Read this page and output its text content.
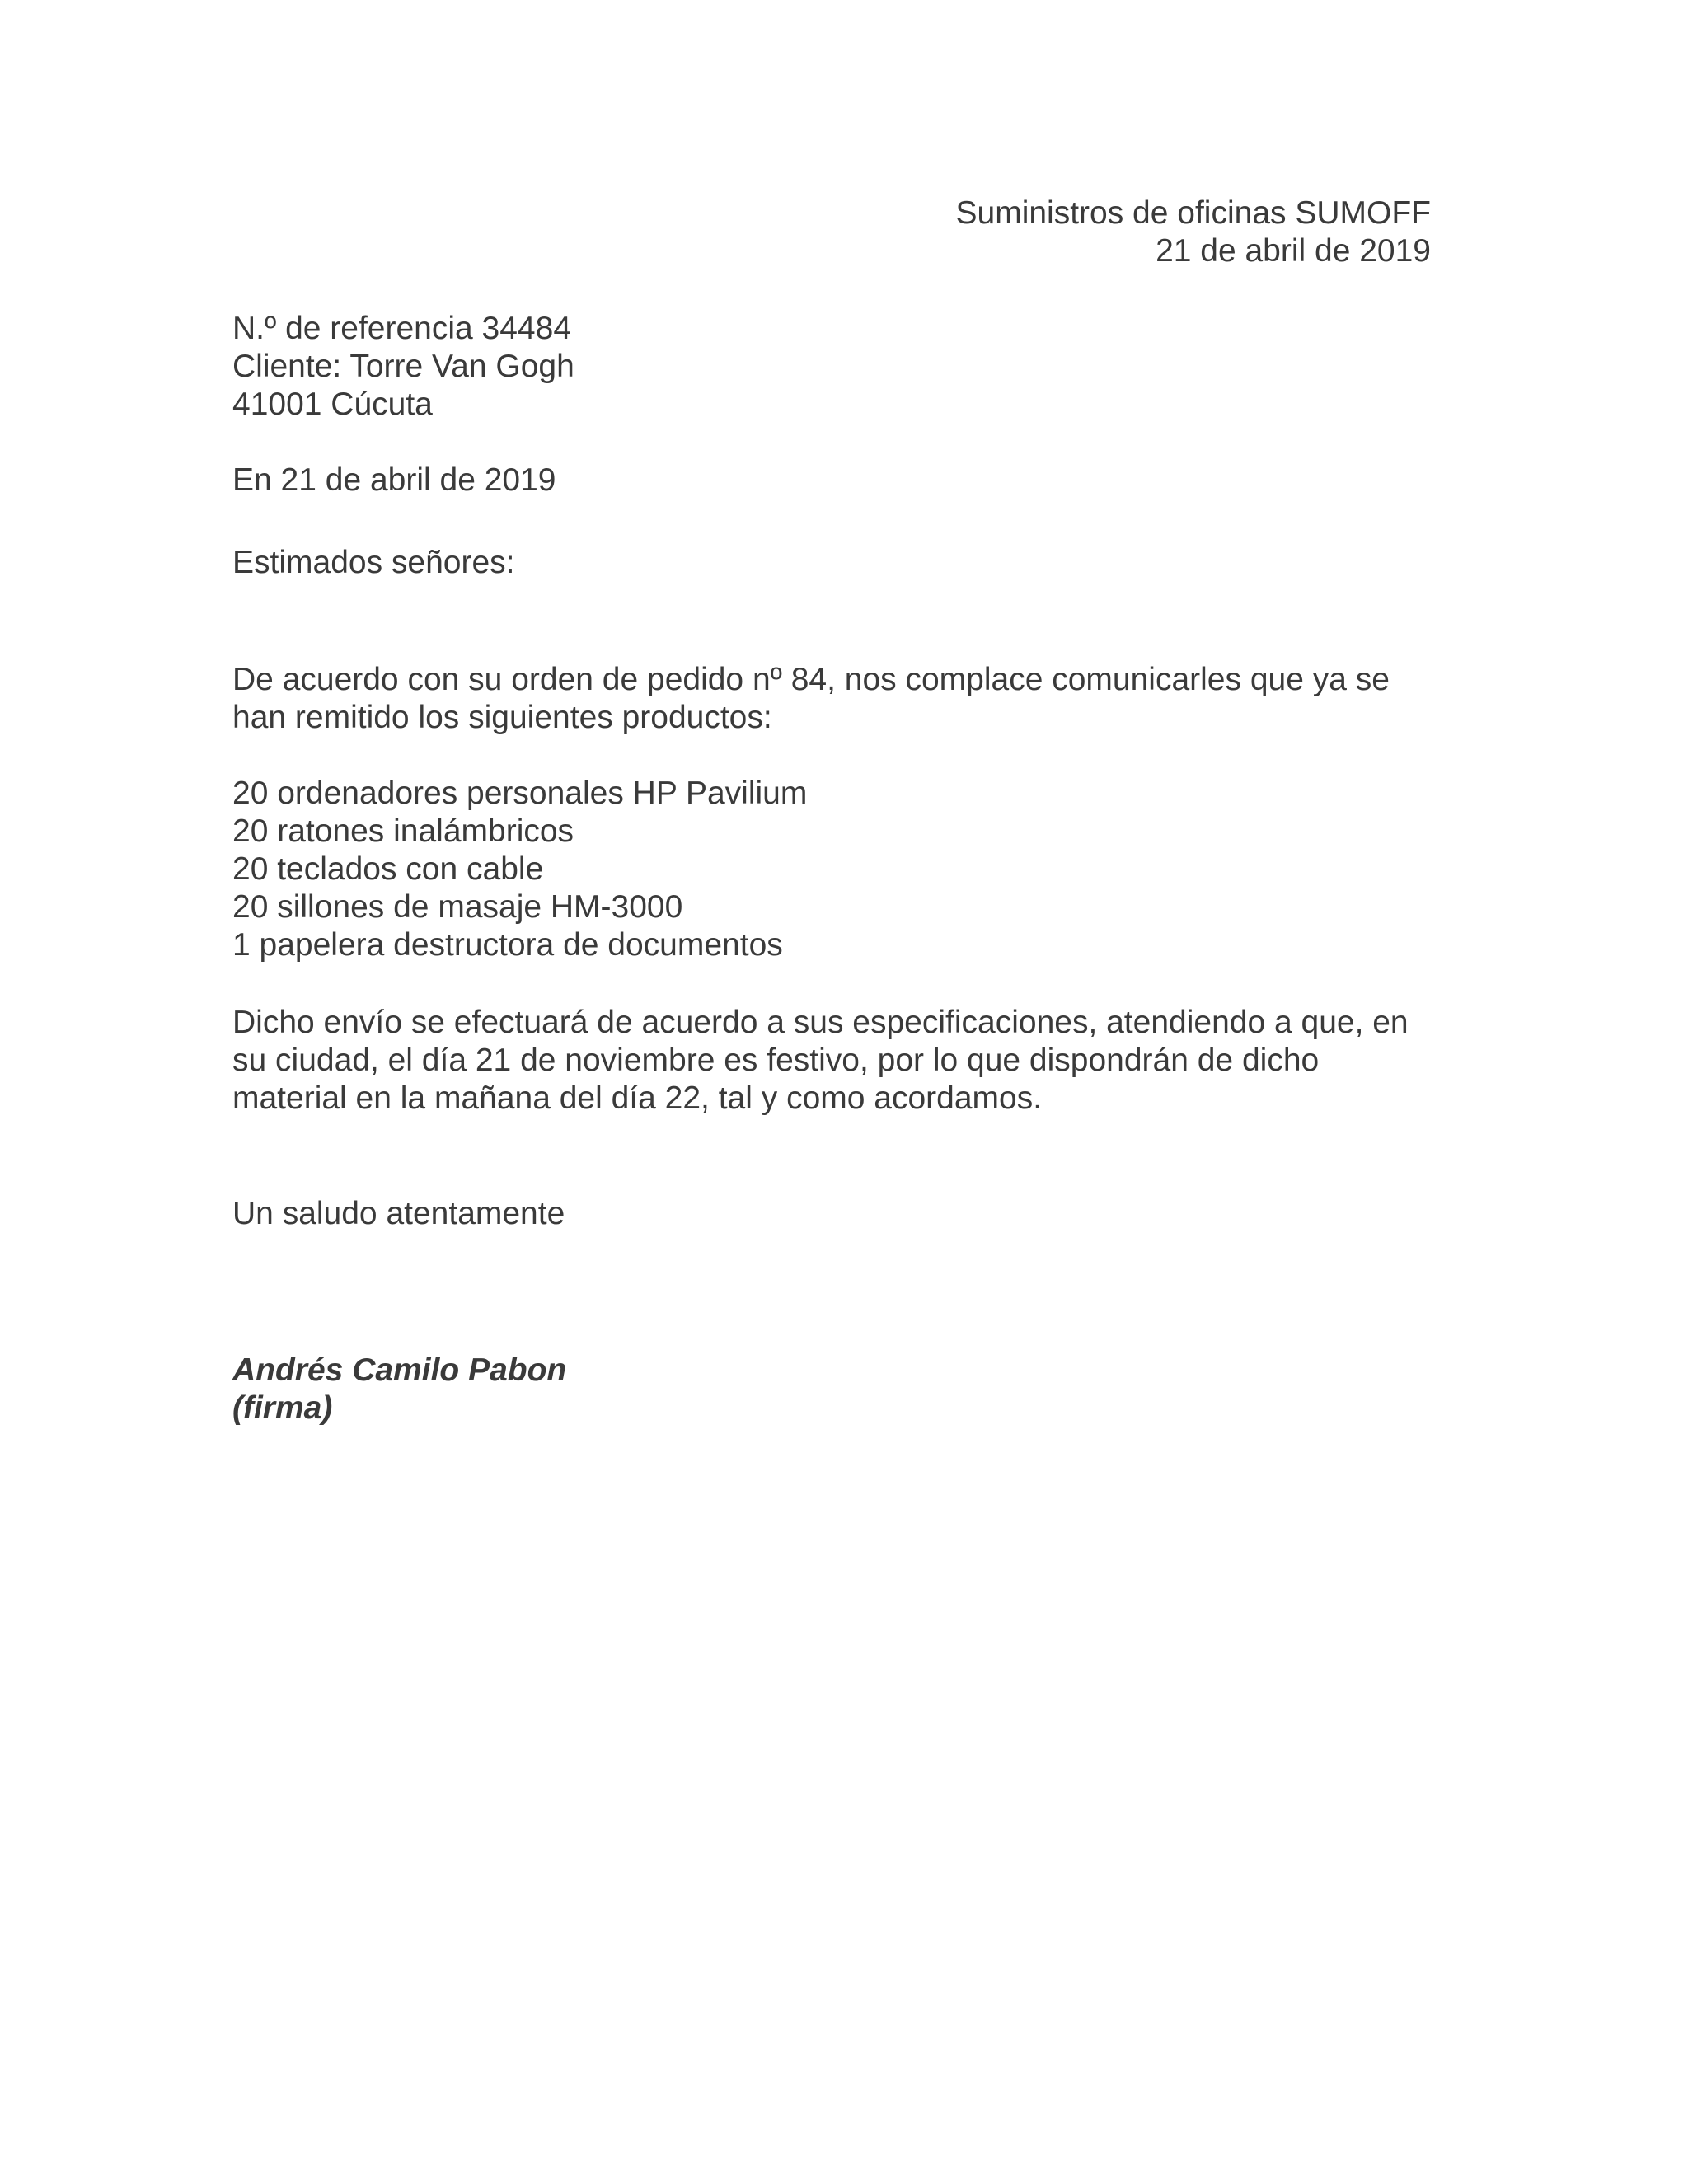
Suministros de oficinas SUMOFF
21 de abril de 2019
N.º de referencia 34484
Cliente: Torre Van Gogh
41001 Cúcuta
En 21 de abril de 2019
Estimados señores:
De acuerdo con su orden de pedido nº 84, nos complace comunicarles que ya se
han remitido los siguientes productos:
20 ordenadores personales HP Pavilium
20 ratones inalámbricos
20 teclados con cable
20 sillones de masaje HM-3000
1 papelera destructora de documentos
Dicho envío se efectuará de acuerdo a sus especificaciones, atendiendo a que, en
su ciudad, el día 21 de noviembre es festivo, por lo que dispondrán de dicho
material en la mañana del día 22, tal y como acordamos.
Un saludo atentamente
Andrés Camilo Pabon
(firma)
